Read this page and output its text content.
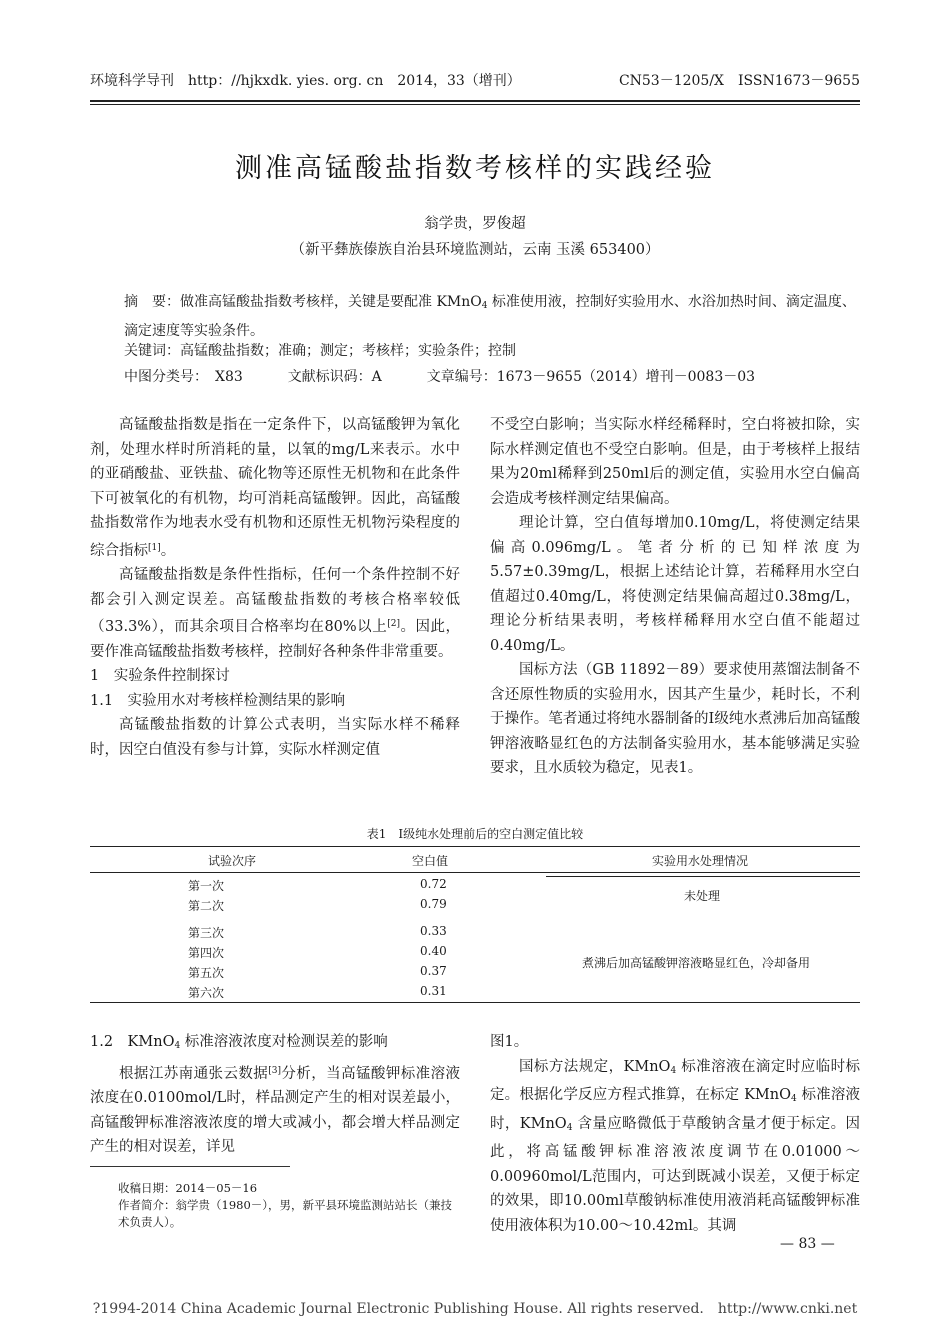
环境科学导刊　http：//hjkxdk. yies. org. cn　2014，33（增刊）	CN53－1205/X　ISSN1673－9655
测准高锰酸盐指数考核样的实践经验
翁学贵，罗俊超
（新平彝族傣族自治县环境监测站，云南 玉溪 653400）
摘　要：做准高锰酸盐指数考核样，关键是要配准 KMnO$_4$ 标准使用液，控制好实验用水、水浴加热时间、滴定温度、滴定速度等实验条件。
关键词：高锰酸盐指数；准确；测定；考核样；实验条件；控制
中图分类号：　X83	文献标识码：A	文章编号：1673－9655（2014）增刊－0083－03

高锰酸盐指数是指在一定条件下，以高锰酸钾为氧化剂，处理水样时所消耗的量，以氧的mg/L来表示。水中的亚硝酸盐、亚铁盐、硫化物等还原性无机物和在此条件下可被氧化的有机物，均可消耗高锰酸钾。因此，高锰酸盐指数常作为地表水受有机物和还原性无机物污染程度的综合指标[1]。

高锰酸盐指数是条件性指标，任何一个条件控制不好都会引入测定误差。高锰酸盐指数的考核合格率较低（33.3%），而其余项目合格率均在80%以上[2]。因此，要作准高锰酸盐指数考核样，控制好各种条件非常重要。

1　实验条件控制探讨

1.1　实验用水对考核样检测结果的影响

高锰酸盐指数的计算公式表明，当实际水样不稀释时，因空白值没有参与计算，实际水样测定值

不受空白影响；当实际水样经稀释时，空白将被扣除，实际水样测定值也不受空白影响。但是，由于考核样上报结果为20ml稀释到250ml后的测定值，实验用水空白偏高会造成考核样测定结果偏高。

理论计算，空白值每增加0.10mg/L，将使测定结果偏高0.096mg/L。笔者分析的已知样浓度为5.57±0.39mg/L，根据上述结论计算，若稀释用水空白值超过0.40mg/L，将使测定结果偏高超过0.38mg/L，理论分析结果表明，考核样稀释用水空白值不能超过0.40mg/L。

国标方法（GB 11892－89）要求使用蒸馏法制备不含还原性物质的实验用水，因其产生量少，耗时长，不利于操作。笔者通过将纯水器制备的Ⅰ级纯水煮沸后加高锰酸钾溶液略显红色的方法制备实验用水，基本能够满足实验要求，且水质较为稳定，见表1。

表1　Ⅰ级纯水处理前后的空白测定值比较
试验次序	空白值	实验用水处理情况
第一次	0.72
第二次	0.79
未处理
第三次	0.33
第四次	0.40
第五次	0.37
第六次	0.31
煮沸后加高锰酸钾溶液略显红色，冷却备用

1.2　KMnO$_4$ 标准溶液浓度对检测误差的影响

根据江苏南通张云数据[3]分析，当高锰酸钾标准溶液浓度在0.0100mol/L时，样品测定产生的相对误差最小，高锰酸钾标准溶液浓度的增大或减小，都会增大样品测定产生的相对误差，详见

图1。

国标方法规定，KMnO$_4$ 标准溶液在滴定时应临时标定。根据化学反应方程式推算，在标定 KMnO$_4$ 标准溶液时，KMnO$_4$ 含量应略微低于草酸钠含量才便于标定。因此，将高锰酸钾标准溶液浓度调节在0.01000～0.00960mol/L范围内，可达到既减小误差，又便于标定的效果，即10.00ml草酸钠标准使用液消耗高锰酸钾标准使用液体积为10.00～10.42ml。其调

收稿日期：2014－05－16
作者简介：翁学贵（1980－），男，新平县环境监测站站长（兼技术负责人）。
— 83 —
?1994-2014 China Academic Journal Electronic Publishing House. All rights reserved.　http://www.cnki.net
